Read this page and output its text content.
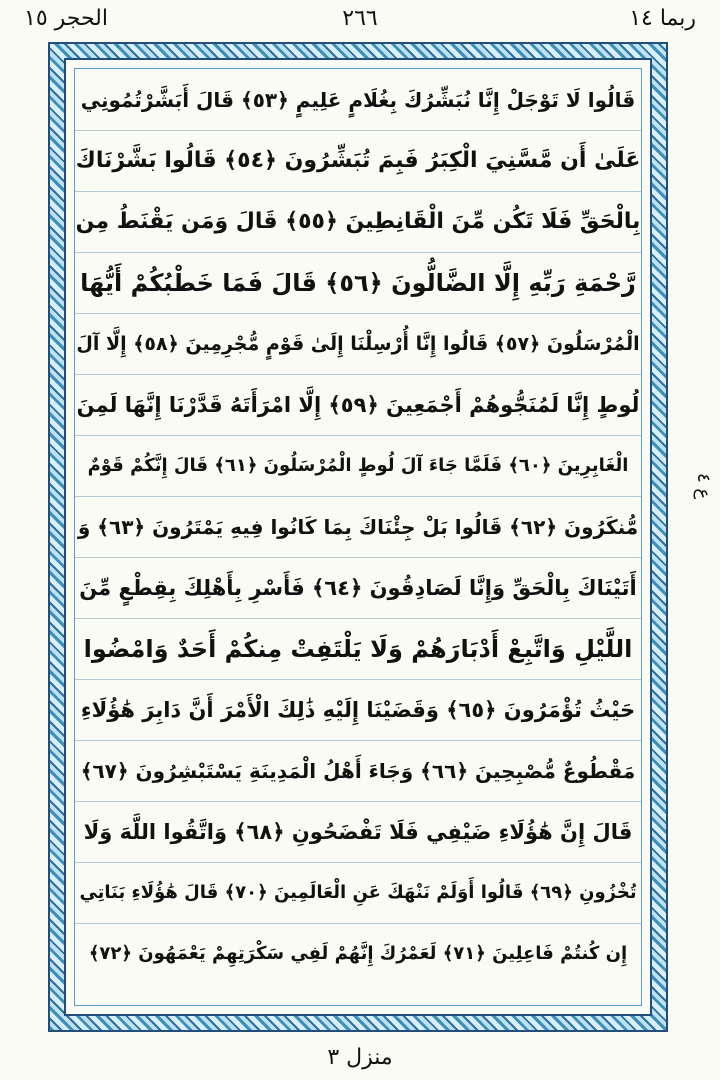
ربما ١٤
٢٦٦
الحجر ١٥
قَالُوا لَا تَوْجَلْ إِنَّا نُبَشِّرُكَ بِغُلَامٍ عَلِيمٍ ﴿٥٣﴾ قَالَ أَبَشَّرْتُمُونِي
عَلَىٰ أَن مَّسَّنِيَ الْكِبَرُ فَبِمَ تُبَشِّرُونَ ﴿٥٤﴾ قَالُوا بَشَّرْنَاكَ
بِالْحَقِّ فَلَا تَكُن مِّنَ الْقَانِطِينَ ﴿٥٥﴾ قَالَ وَمَن يَقْنَطُ مِن
رَّحْمَةِ رَبِّهِ إِلَّا الضَّالُّونَ ﴿٥٦﴾ قَالَ فَمَا خَطْبُكُمْ أَيُّهَا
الْمُرْسَلُونَ ﴿٥٧﴾ قَالُوا إِنَّا أُرْسِلْنَا إِلَىٰ قَوْمٍ مُّجْرِمِينَ ﴿٥٨﴾ إِلَّا آلَ
لُوطٍ إِنَّا لَمُنَجُّوهُمْ أَجْمَعِينَ ﴿٥٩﴾ إِلَّا امْرَأَتَهُ قَدَّرْنَا إِنَّهَا لَمِنَ
الْغَابِرِينَ ﴿٦٠﴾ فَلَمَّا جَاءَ آلَ لُوطٍ الْمُرْسَلُونَ ﴿٦١﴾ قَالَ إِنَّكُمْ قَوْمٌ
مُّنكَرُونَ ﴿٦٢﴾ قَالُوا بَلْ جِئْنَاكَ بِمَا كَانُوا فِيهِ يَمْتَرُونَ ﴿٦٣﴾ وَ
أَتَيْنَاكَ بِالْحَقِّ وَإِنَّا لَصَادِقُونَ ﴿٦٤﴾ فَأَسْرِ بِأَهْلِكَ بِقِطْعٍ مِّنَ
اللَّيْلِ وَاتَّبِعْ أَدْبَارَهُمْ وَلَا يَلْتَفِتْ مِنكُمْ أَحَدٌ وَامْضُوا
حَيْثُ تُؤْمَرُونَ ﴿٦٥﴾ وَقَضَيْنَا إِلَيْهِ ذَٰلِكَ الْأَمْرَ أَنَّ دَابِرَ هَٰؤُلَاءِ
مَقْطُوعٌ مُّصْبِحِينَ ﴿٦٦﴾ وَجَاءَ أَهْلُ الْمَدِينَةِ يَسْتَبْشِرُونَ ﴿٦٧﴾
قَالَ إِنَّ هَٰؤُلَاءِ ضَيْفِي فَلَا تَفْضَحُونِ ﴿٦٨﴾ وَاتَّقُوا اللَّهَ وَلَا
تُخْزُونِ ﴿٦٩﴾ قَالُوا أَوَلَمْ نَنْهَكَ عَنِ الْعَالَمِينَ ﴿٧٠﴾ قَالَ هَٰؤُلَاءِ بَنَاتِي
إِن كُنتُمْ فَاعِلِينَ ﴿٧١﴾ لَعَمْرُكَ إِنَّهُمْ لَفِي سَكْرَتِهِمْ يَعْمَهُونَ ﴿٧٢﴾
ع ٤
منزل ٣
